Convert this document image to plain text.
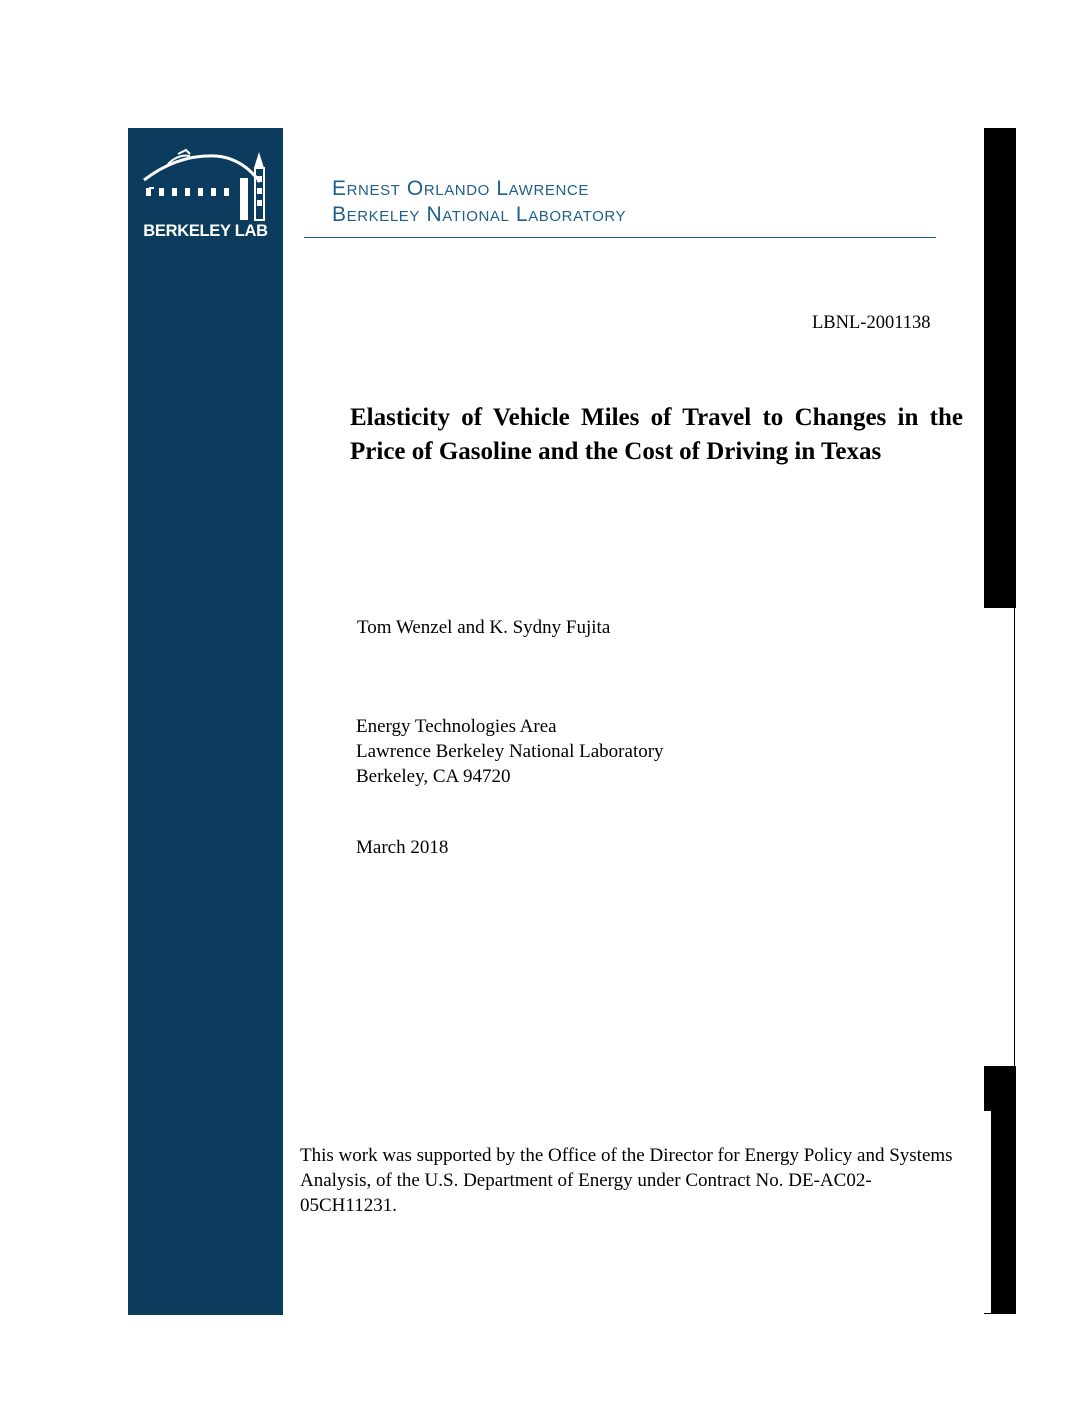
BERKELEY LAB
Ernest Orlando Lawrence
Berkeley National Laboratory
LBNL-2001138
Elasticity of Vehicle Miles of Travel to Changes in the Price of Gasoline and the Cost of Driving in Texas
Tom Wenzel and K. Sydny Fujita
Energy Technologies Area
Lawrence Berkeley National Laboratory
Berkeley, CA 94720
March 2018
This work was supported by the Office of the Director for Energy Policy and Systems Analysis, of the U.S. Department of Energy under Contract No. DE-AC02-05CH11231.
